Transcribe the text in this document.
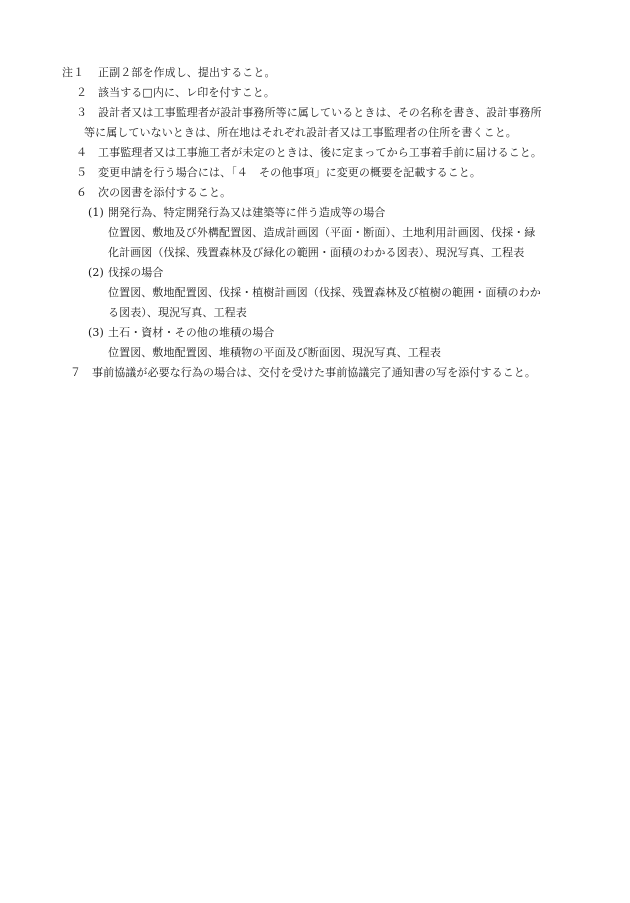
注１ 正副２部を作成し、提出すること。
２ 該当する□内に、レ印を付すこと。
３ 設計者又は工事監理者が設計事務所等に属しているときは、その名称を書き、設計事務所
等に属していないときは、所在地はそれぞれ設計者又は工事監理者の住所を書くこと。
４ 工事監理者又は工事施工者が未定のときは、後に定まってから工事着手前に届けること。
５ 変更申請を行う場合には、「４　その他事項」に変更の概要を記載すること。
６ 次の図書を添付すること。
(1) 開発行為、特定開発行為又は建築等に伴う造成等の場合
位置図、敷地及び外構配置図、造成計画図（平面・断面）、土地利用計画図、伐採・緑
化計画図（伐採、残置森林及び緑化の範囲・面積のわかる図表）、現況写真、工程表
(2) 伐採の場合
位置図、敷地配置図、伐採・植樹計画図（伐採、残置森林及び植樹の範囲・面積のわか
る図表）、現況写真、工程表
(3) 土石・資材・その他の堆積の場合
位置図、敷地配置図、堆積物の平面及び断面図、現況写真、工程表
７ 事前協議が必要な行為の場合は、交付を受けた事前協議完了通知書の写を添付すること。
